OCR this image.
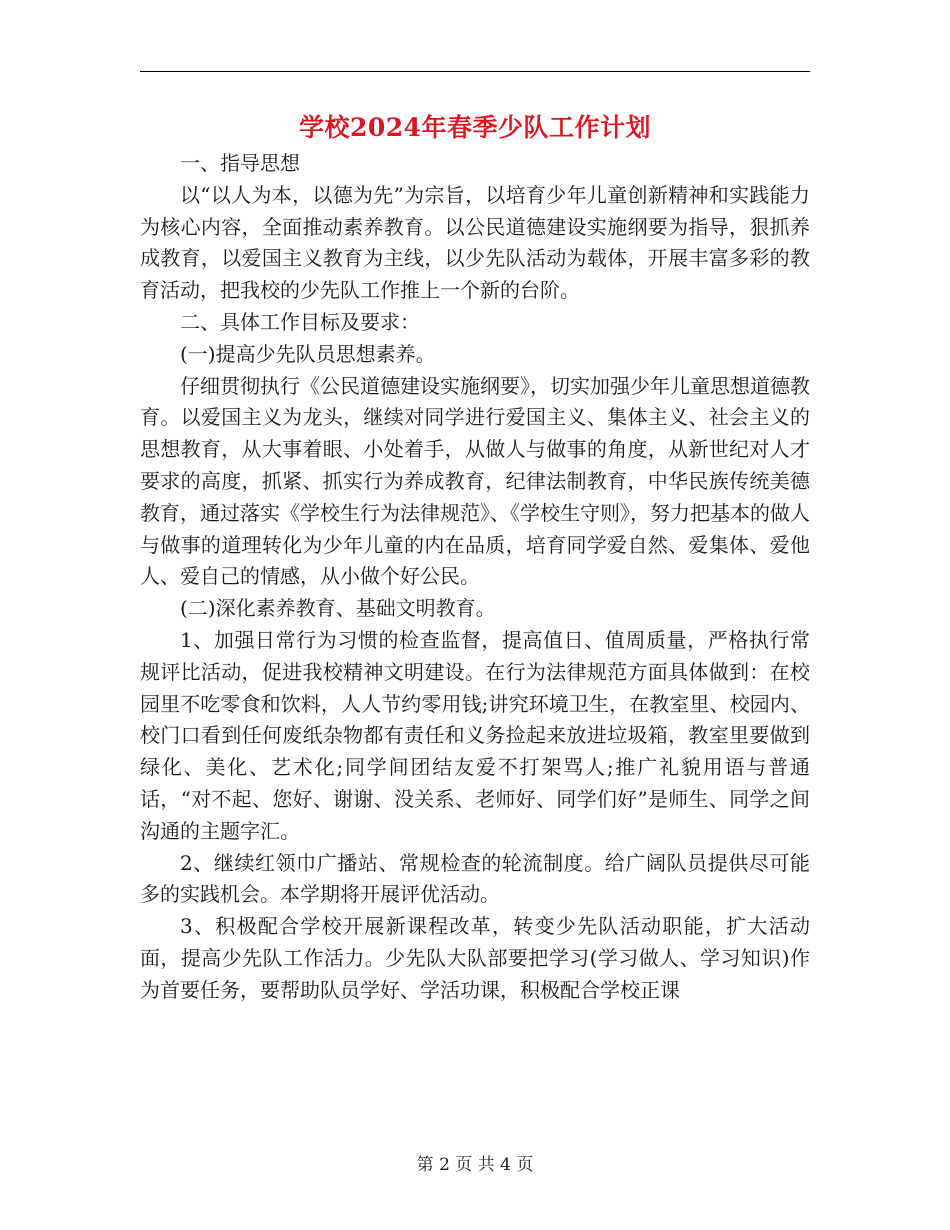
学校2024年春季少队工作计划

一、指导思想

以“以人为本，以德为先”为宗旨，以培育少年儿童创新精神和实践能力为核心内容，全面推动素养教育。以公民道德建设实施纲要为指导，狠抓养成教育，以爱国主义教育为主线，以少先队活动为载体，开展丰富多彩的教育活动，把我校的少先队工作推上一个新的台阶。

二、具体工作目标及要求：

(一)提高少先队员思想素养。

仔细贯彻执行《公民道德建设实施纲要》，切实加强少年儿童思想道德教育。以爱国主义为龙头，继续对同学进行爱国主义、集体主义、社会主义的思想教育，从大事着眼、小处着手，从做人与做事的角度，从新世纪对人才要求的高度，抓紧、抓实行为养成教育，纪律法制教育，中华民族传统美德教育，通过落实《学校生行为法律规范》、《学校生守则》，努力把基本的做人与做事的道理转化为少年儿童的内在品质，培育同学爱自然、爱集体、爱他人、爱自己的情感，从小做个好公民。

(二)深化素养教育、基础文明教育。

1、加强日常行为习惯的检查监督，提高值日、值周质量，严格执行常规评比活动，促进我校精神文明建设。在行为法律规范方面具体做到：在校园里不吃零食和饮料，人人节约零用钱;讲究环境卫生，在教室里、校园内、校门口看到任何废纸杂物都有责任和义务捡起来放进垃圾箱，教室里要做到绿化、美化、艺术化;同学间团结友爱不打架骂人;推广礼貌用语与普通话，“对不起、您好、谢谢、没关系、老师好、同学们好”是师生、同学之间沟通的主题字汇。

2、继续红领巾广播站、常规检查的轮流制度。给广阔队员提供尽可能多的实践机会。本学期将开展评优活动。

3、积极配合学校开展新课程改革，转变少先队活动职能，扩大活动面，提高少先队工作活力。少先队大队部要把学习(学习做人、学习知识)作为首要任务，要帮助队员学好、学活功课，积极配合学校正课

第 2 页 共 4 页
